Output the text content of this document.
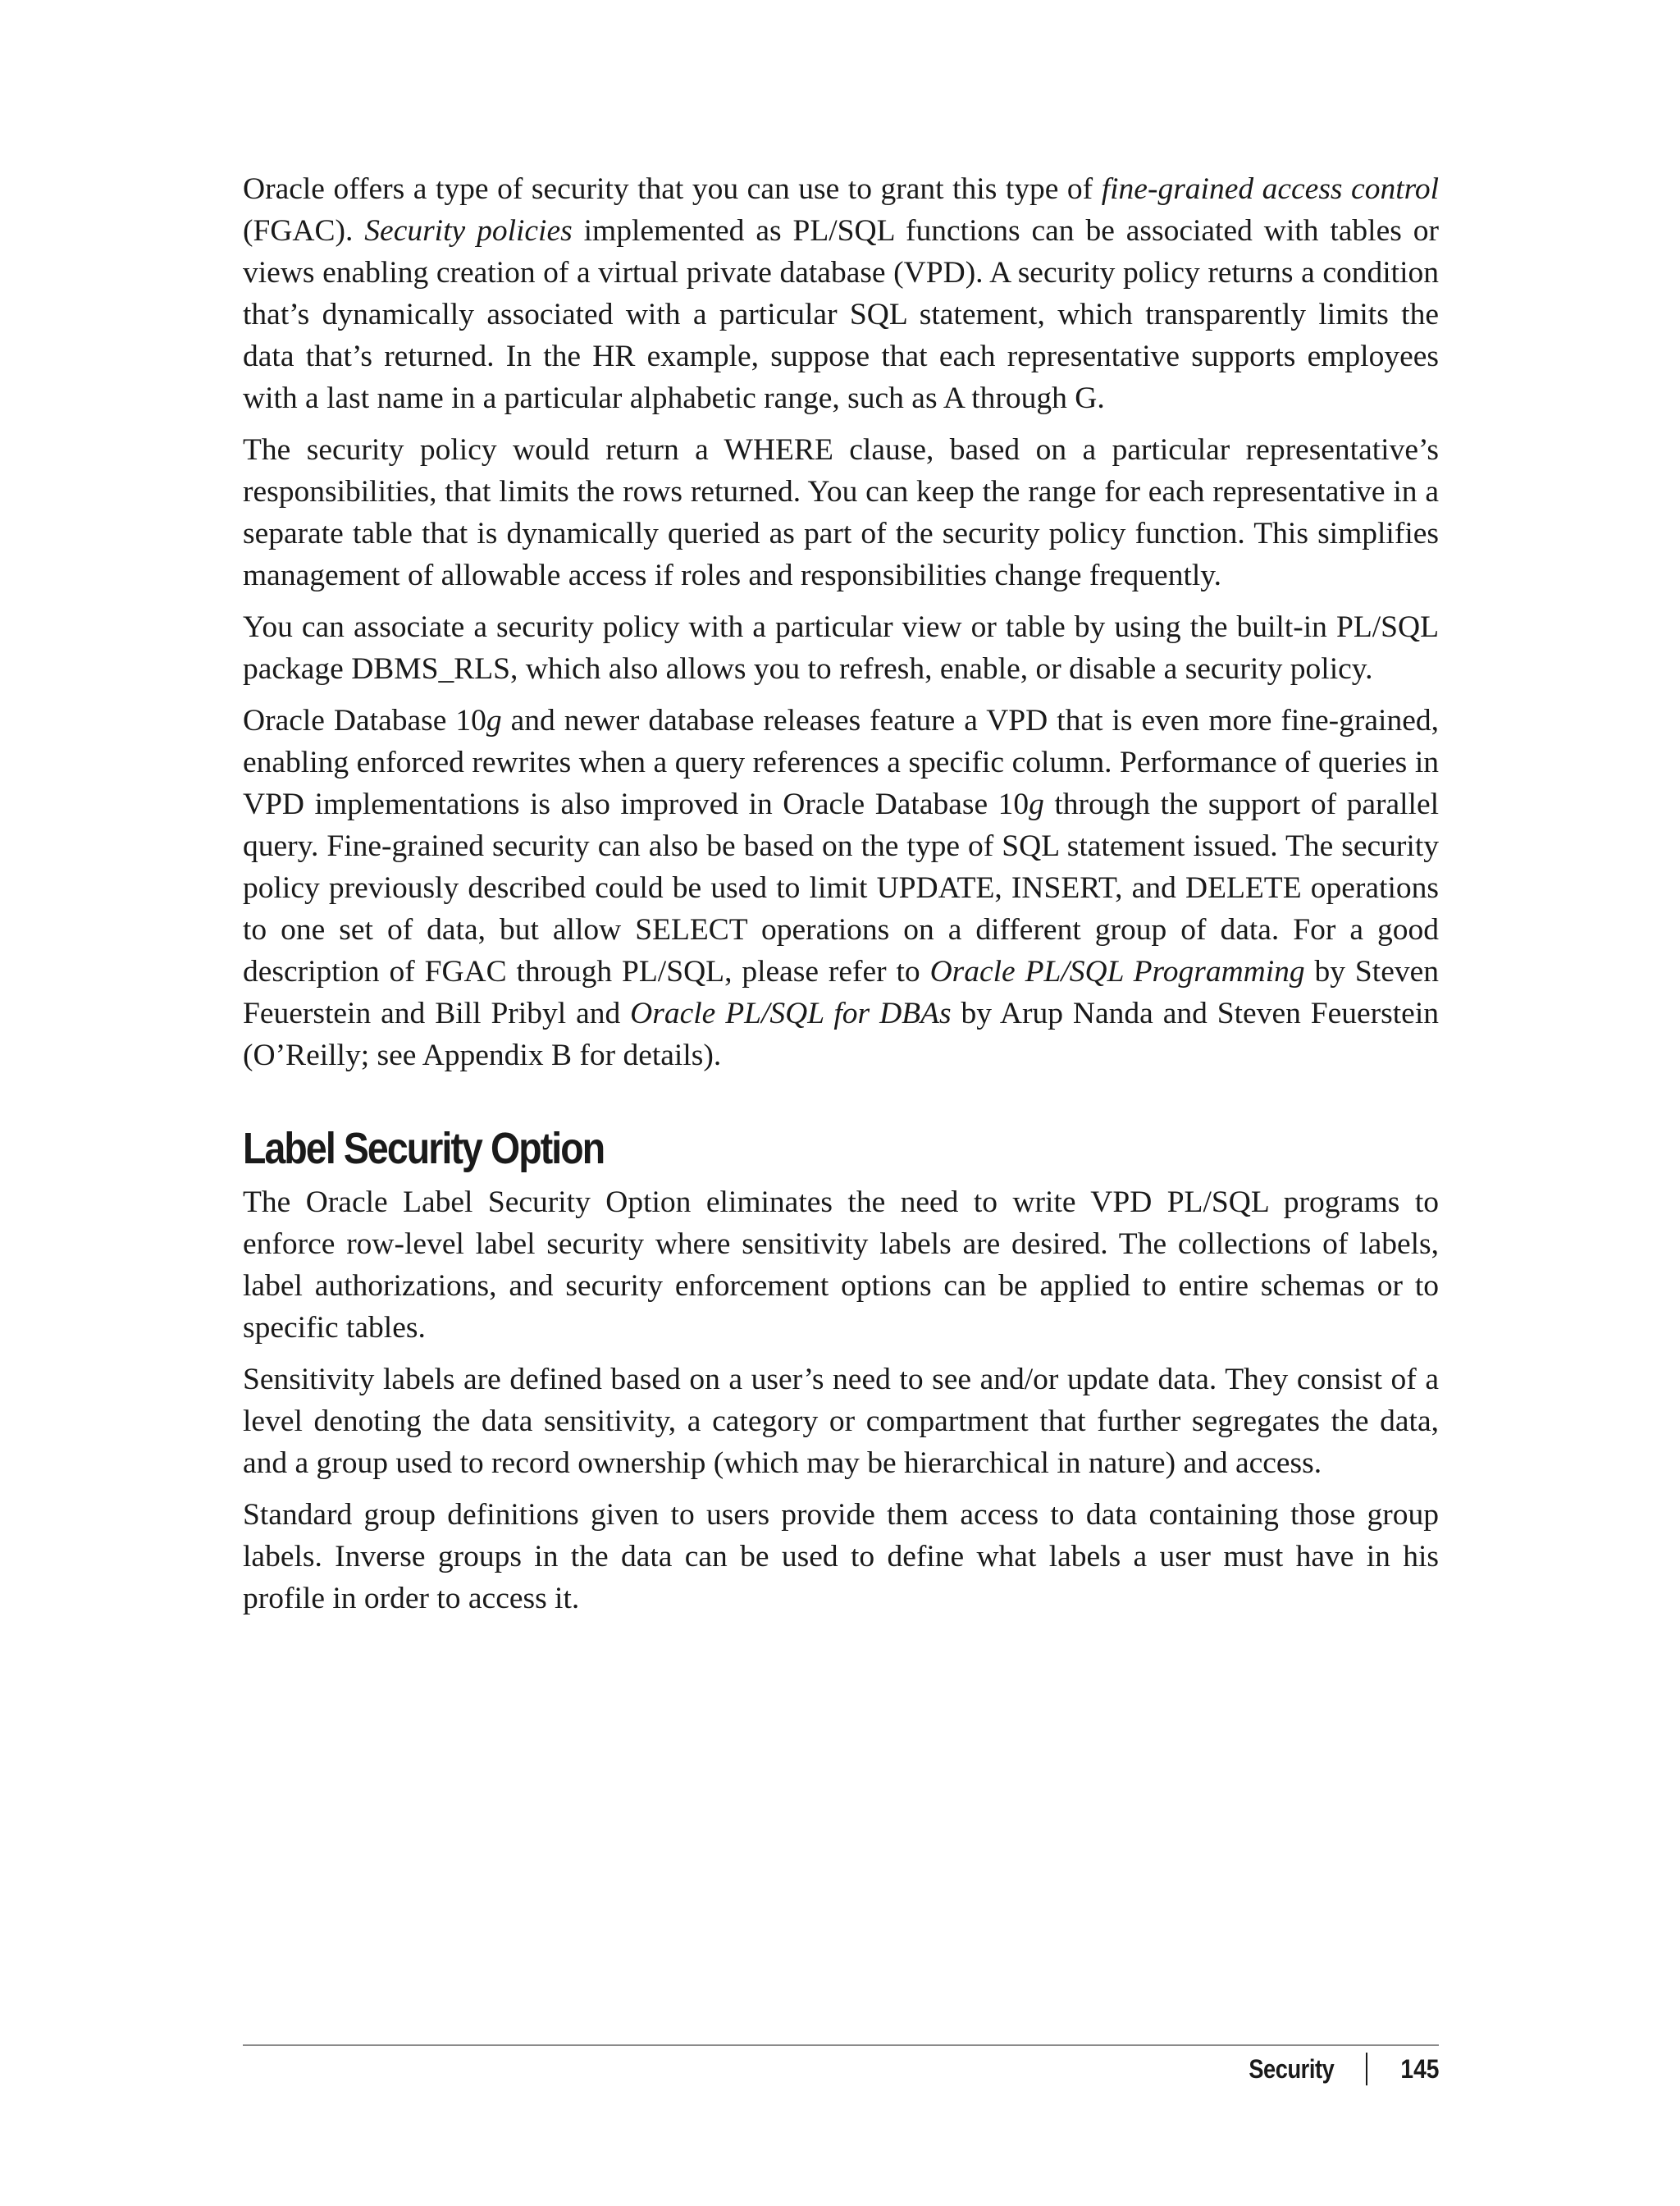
Oracle offers a type of security that you can use to grant this type of fine-grained access control (FGAC). Security policies implemented as PL/SQL functions can be associated with tables or views enabling creation of a virtual private database (VPD). A security policy returns a condition that’s dynamically associated with a particular SQL statement, which transparently limits the data that’s returned. In the HR example, suppose that each representative supports employees with a last name in a particular alphabetic range, such as A through G.

The security policy would return a WHERE clause, based on a particular representative’s responsibilities, that limits the rows returned. You can keep the range for each representative in a separate table that is dynamically queried as part of the security policy function. This simplifies management of allowable access if roles and responsibilities change frequently.

You can associate a security policy with a particular view or table by using the built-in PL/SQL package DBMS_RLS, which also allows you to refresh, enable, or disable a security policy.

Oracle Database 10g and newer database releases feature a VPD that is even more fine-grained, enabling enforced rewrites when a query references a specific column. Performance of queries in VPD implementations is also improved in Oracle Database 10g through the support of parallel query. Fine-grained security can also be based on the type of SQL statement issued. The security policy previously described could be used to limit UPDATE, INSERT, and DELETE operations to one set of data, but allow SELECT operations on a different group of data. For a good description of FGAC through PL/SQL, please refer to Oracle PL/SQL Programming by Steven Feuerstein and Bill Pribyl and Oracle PL/SQL for DBAs by Arup Nanda and Steven Feuerstein (O’Reilly; see Appendix B for details).

Label Security Option

The Oracle Label Security Option eliminates the need to write VPD PL/SQL programs to enforce row-level label security where sensitivity labels are desired. The collections of labels, label authorizations, and security enforcement options can be applied to entire schemas or to specific tables.

Sensitivity labels are defined based on a user’s need to see and/or update data. They consist of a level denoting the data sensitivity, a category or compartment that further segregates the data, and a group used to record ownership (which may be hierarchical in nature) and access.

Standard group definitions given to users provide them access to data containing those group labels. Inverse groups in the data can be used to define what labels a user must have in his profile in order to access it.

Security	145
